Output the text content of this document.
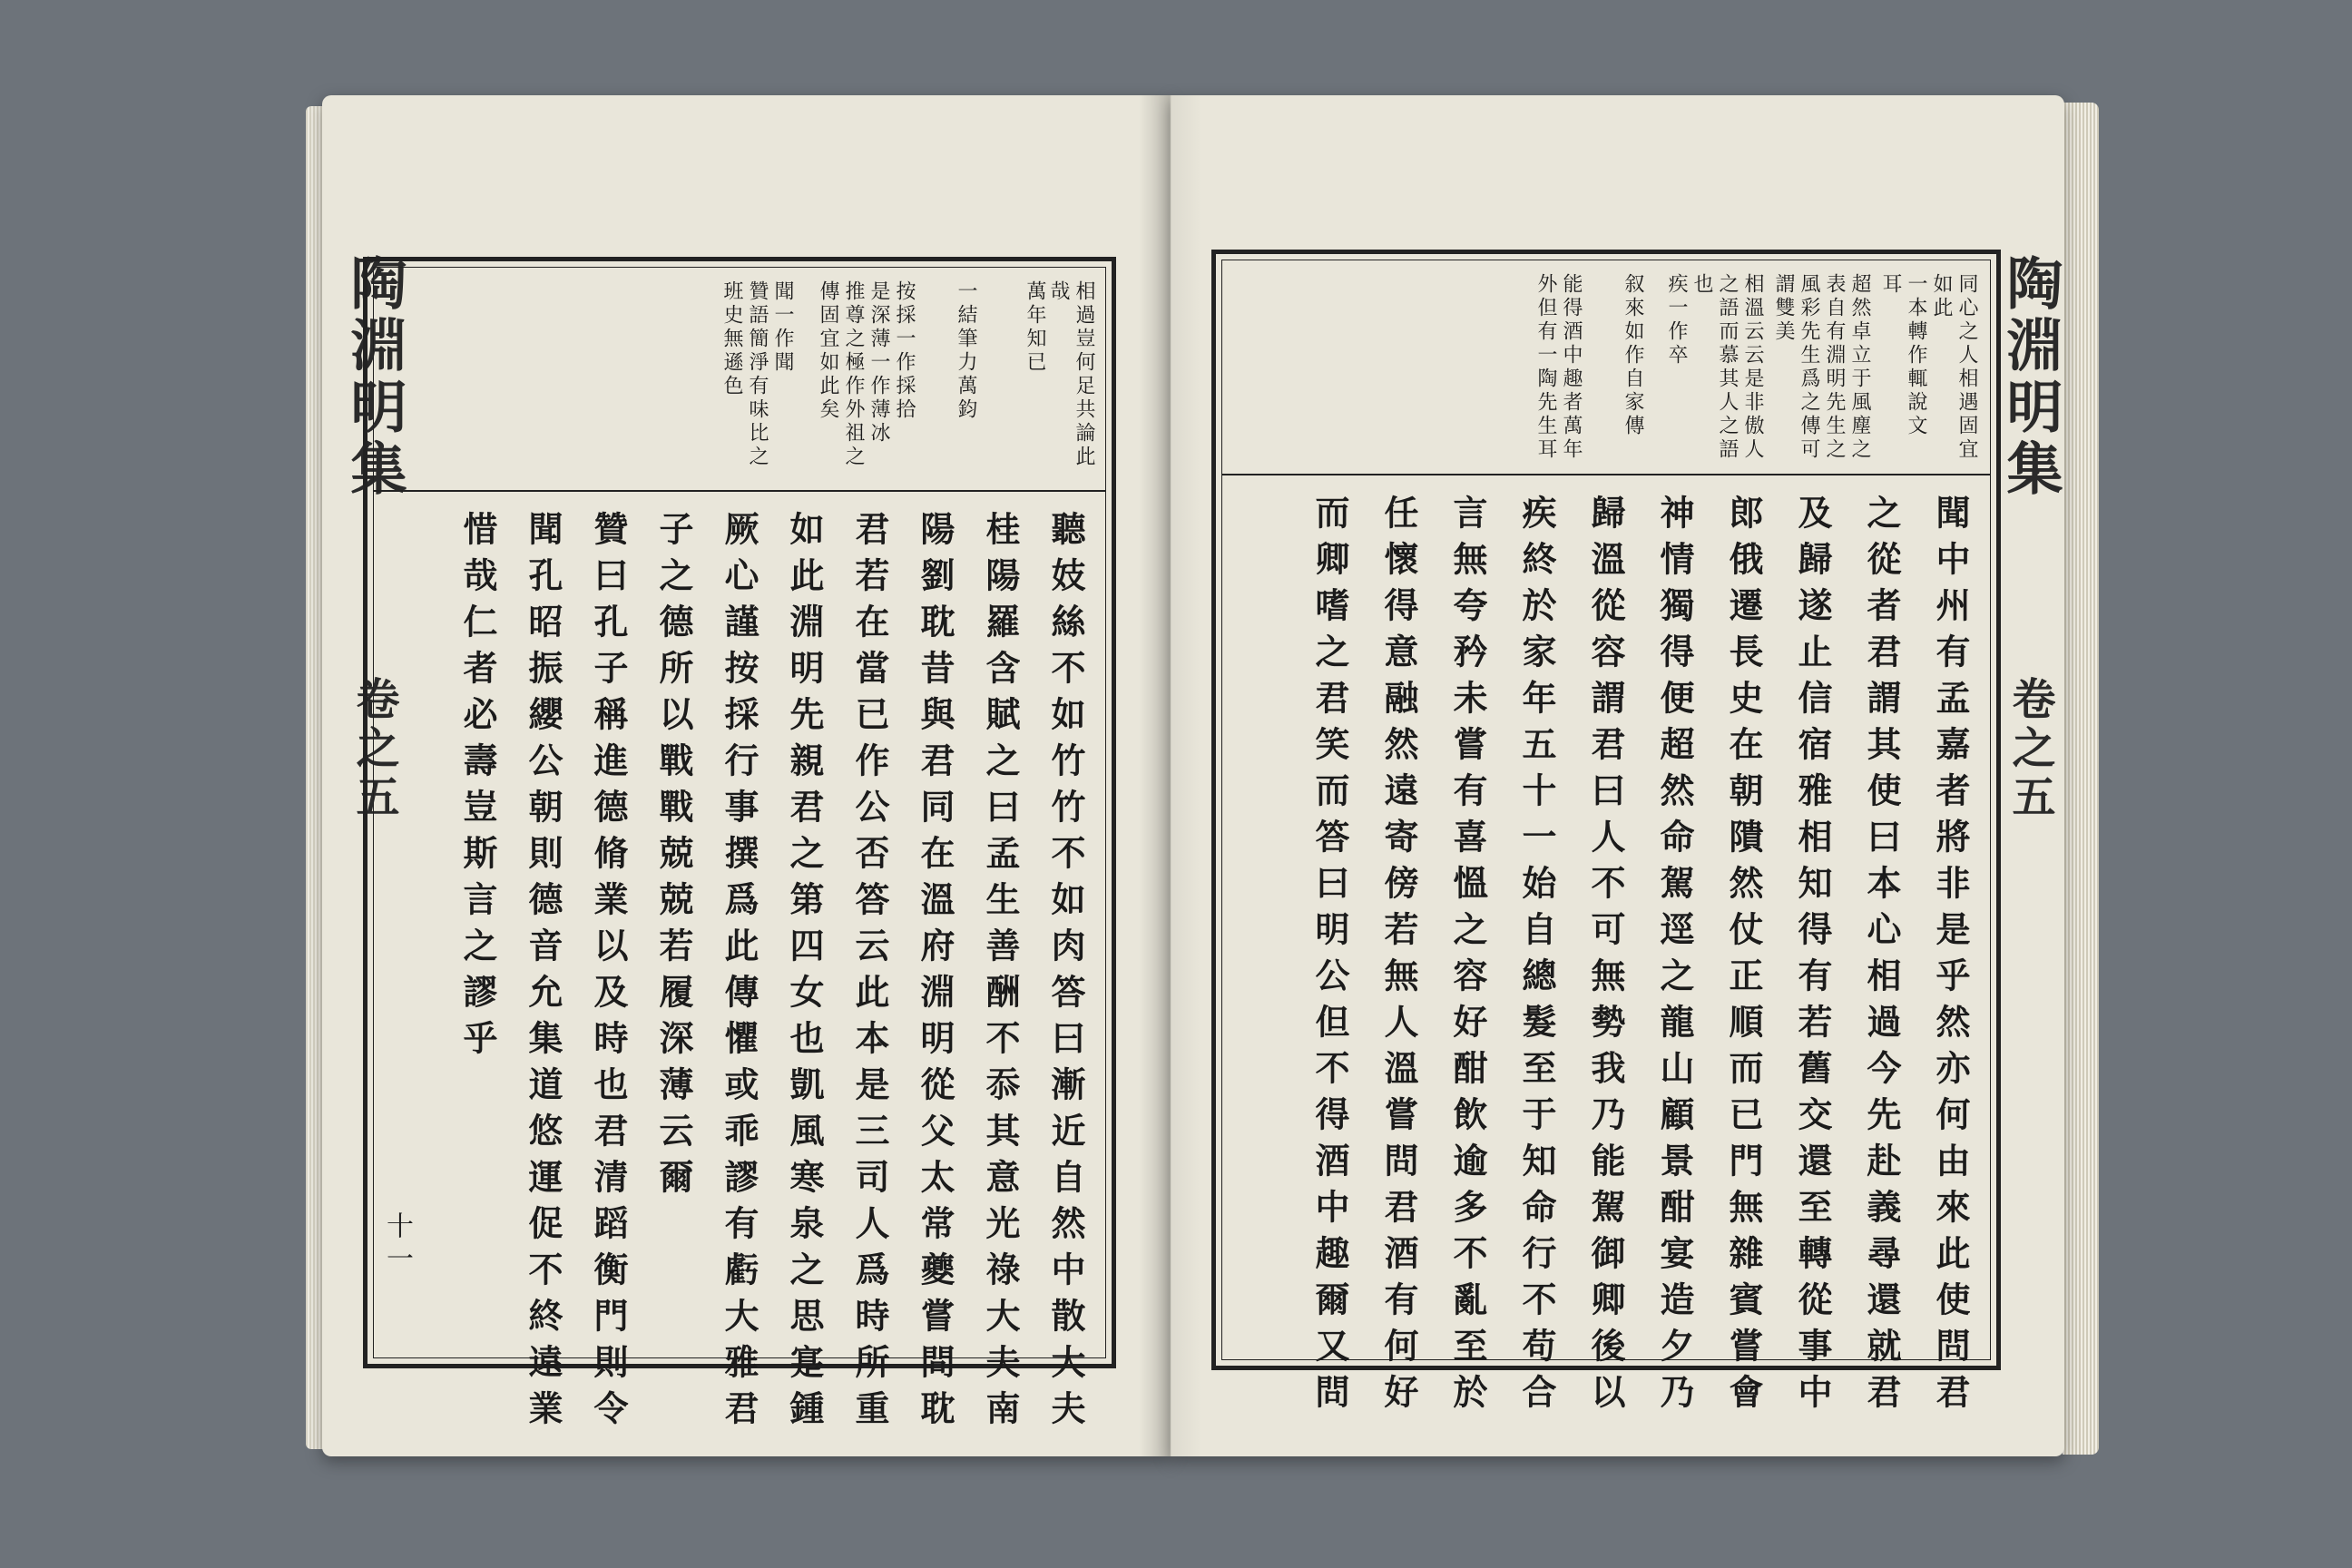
陶淵明集
卷之五
十一
相過豈何足共論此
哉
萬年知已
一結筆力萬鈞
按採一作採拾
是深薄一作薄冰
推尊之極作外祖之
傳固宜如此矣
聞一作聞
贊語簡淨有味比之
班史無遜色
聽妓絲不如竹竹不如肉答曰漸近自然中散大夫
桂陽羅含賦之曰孟生善酬不忝其意光祿大夫南
陽劉耽昔與君同在溫府淵明從父太常夔嘗問耽
君若在當已作公否答云此本是三司人爲時所重
如此淵明先親君之第四女也凱風寒泉之思寔鍾
厥心謹按採行事撰爲此傳懼或乖謬有虧大雅君
子之德所以戰戰兢兢若履深薄云爾
贊曰孔子稱進德脩業以及時也君清蹈衡門則令
聞孔昭振纓公朝則德音允集道悠運促不終遠業
惜哉仁者必壽豈斯言之謬乎
陶淵明集
卷之五
同心之人相遇固宜
如此
一本轉作輒說文
耳
超然卓立于風塵之
表自有淵明先生之
風彩先生爲之傳可
謂雙美
相溫云云是非傲人
之語而慕其人之語
也
疾一作卒
叙來如作自家傳
能得酒中趣者萬年
外但有一陶先生耳
聞中州有孟嘉者將非是乎然亦何由來此使問君
之從者君謂其使曰本心相過今先赴義尋還就君
及歸遂止信宿雅相知得有若舊交還至轉從事中
郎俄遷長史在朝隤然仗正順而已門無雜賓嘗會
神情獨得便超然命駕逕之龍山顧景酣宴造夕乃
歸溫從容謂君曰人不可無勢我乃能駕御卿後以
疾終於家年五十一始自總髮至于知命行不苟合
言無夸矜未嘗有喜慍之容好酣飲逾多不亂至於
任懷得意融然遠寄傍若無人溫嘗問君酒有何好
而卿嗜之君笑而答曰明公但不得酒中趣爾又問
